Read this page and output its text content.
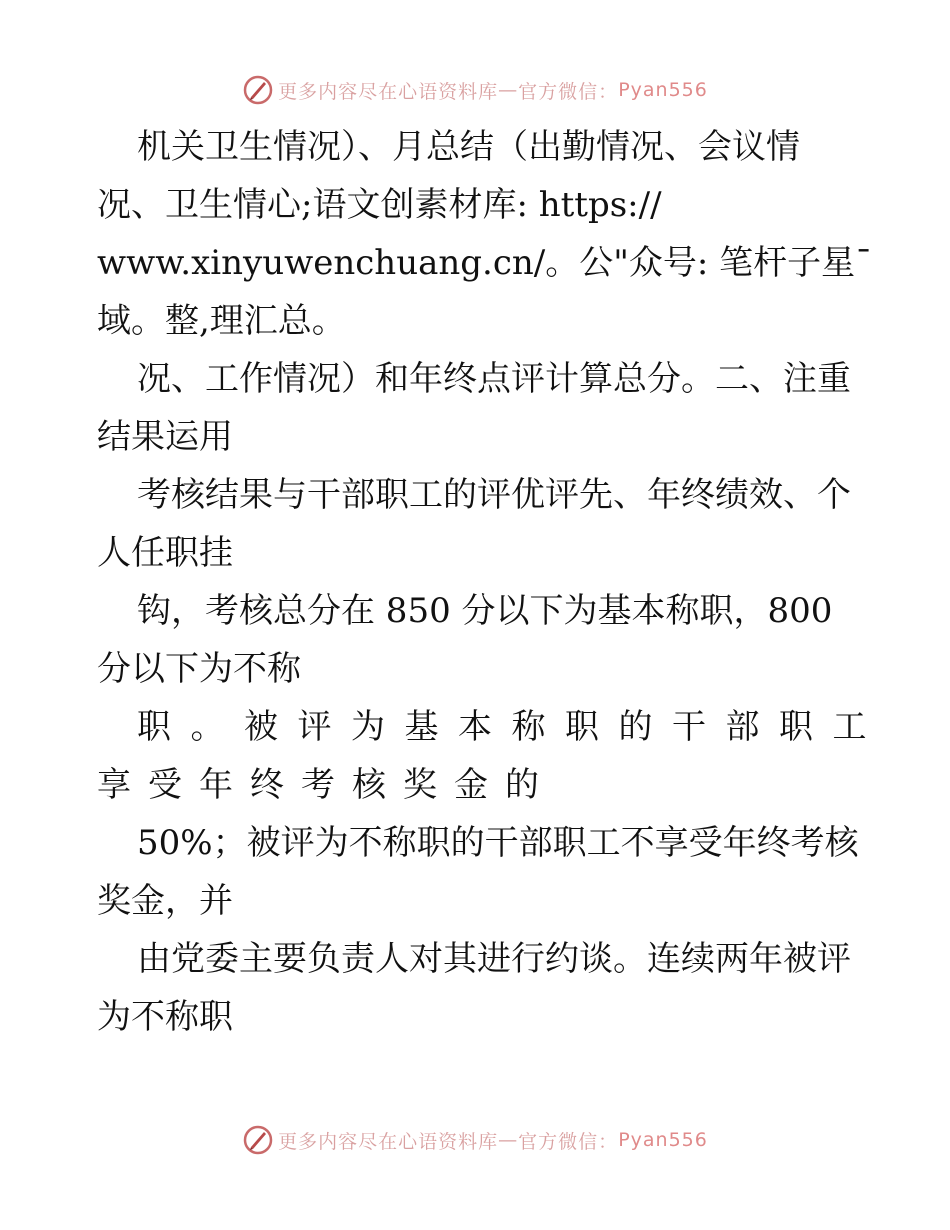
更多内容尽在心语资料库 — 官方微信： Pyan556
机关卫生情况）、月总结（出勤情况、会议情
况、卫生情心;语文创素材库: https://
www.xinyuwenchuang.cn/。公"众号: 笔杆子星¯
域。整,理汇总。
况、工作情况）和年终点评计算总分。二、注重
结果运用
考核结果与干部职工的评优评先、年终绩效、个
人任职挂
钩，考核总分在 850 分以下为基本称职，800
分以下为不称
职。被评为基本称职的干部职工
享受年终考核奖金的
50%；被评为不称职的干部职工不享受年终考核
奖金，并
由党委主要负责人对其进行约谈。连续两年被评
为不称职
更多内容尽在心语资料库 — 官方微信： Pyan556
